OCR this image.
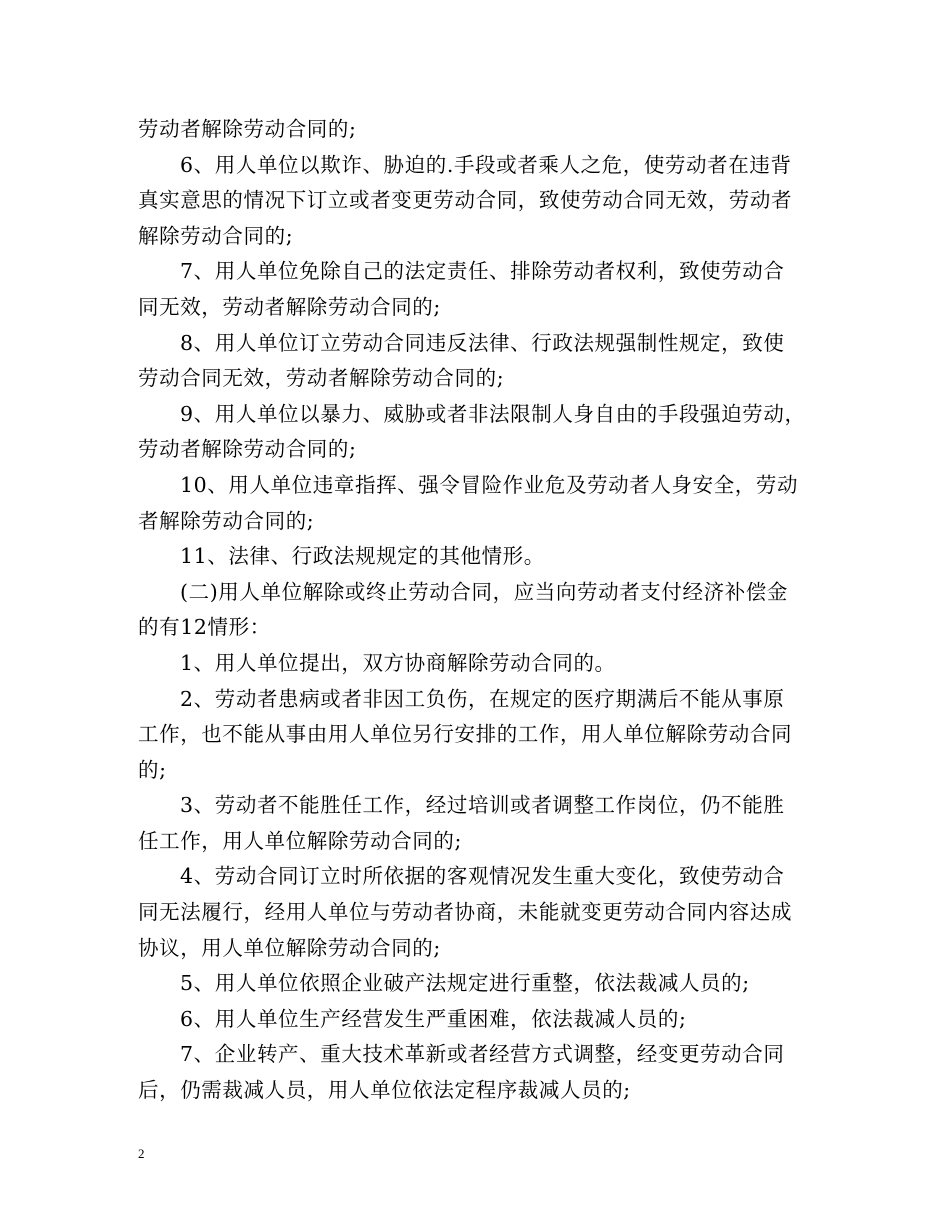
劳动者解除劳动合同的;
6、用人单位以欺诈、胁迫的.手段或者乘人之危，使劳动者在违背
真实意思的情况下订立或者变更劳动合同，致使劳动合同无效，劳动者
解除劳动合同的;
7、用人单位免除自己的法定责任、排除劳动者权利，致使劳动合
同无效，劳动者解除劳动合同的;
8、用人单位订立劳动合同违反法律、行政法规强制性规定，致使
劳动合同无效，劳动者解除劳动合同的;
9、用人单位以暴力、威胁或者非法限制人身自由的手段强迫劳动，
劳动者解除劳动合同的;
10、用人单位违章指挥、强令冒险作业危及劳动者人身安全，劳动
者解除劳动合同的;
11、法律、行政法规规定的其他情形。
(二)用人单位解除或终止劳动合同，应当向劳动者支付经济补偿金
的有12情形：
1、用人单位提出，双方协商解除劳动合同的。
2、劳动者患病或者非因工负伤，在规定的医疗期满后不能从事原
工作，也不能从事由用人单位另行安排的工作，用人单位解除劳动合同
的;
3、劳动者不能胜任工作，经过培训或者调整工作岗位，仍不能胜
任工作，用人单位解除劳动合同的;
4、劳动合同订立时所依据的客观情况发生重大变化，致使劳动合
同无法履行，经用人单位与劳动者协商，未能就变更劳动合同内容达成
协议，用人单位解除劳动合同的;
5、用人单位依照企业破产法规定进行重整，依法裁减人员的;
6、用人单位生产经营发生严重困难，依法裁减人员的;
7、企业转产、重大技术革新或者经营方式调整，经变更劳动合同
后，仍需裁减人员，用人单位依法定程序裁减人员的;
2
